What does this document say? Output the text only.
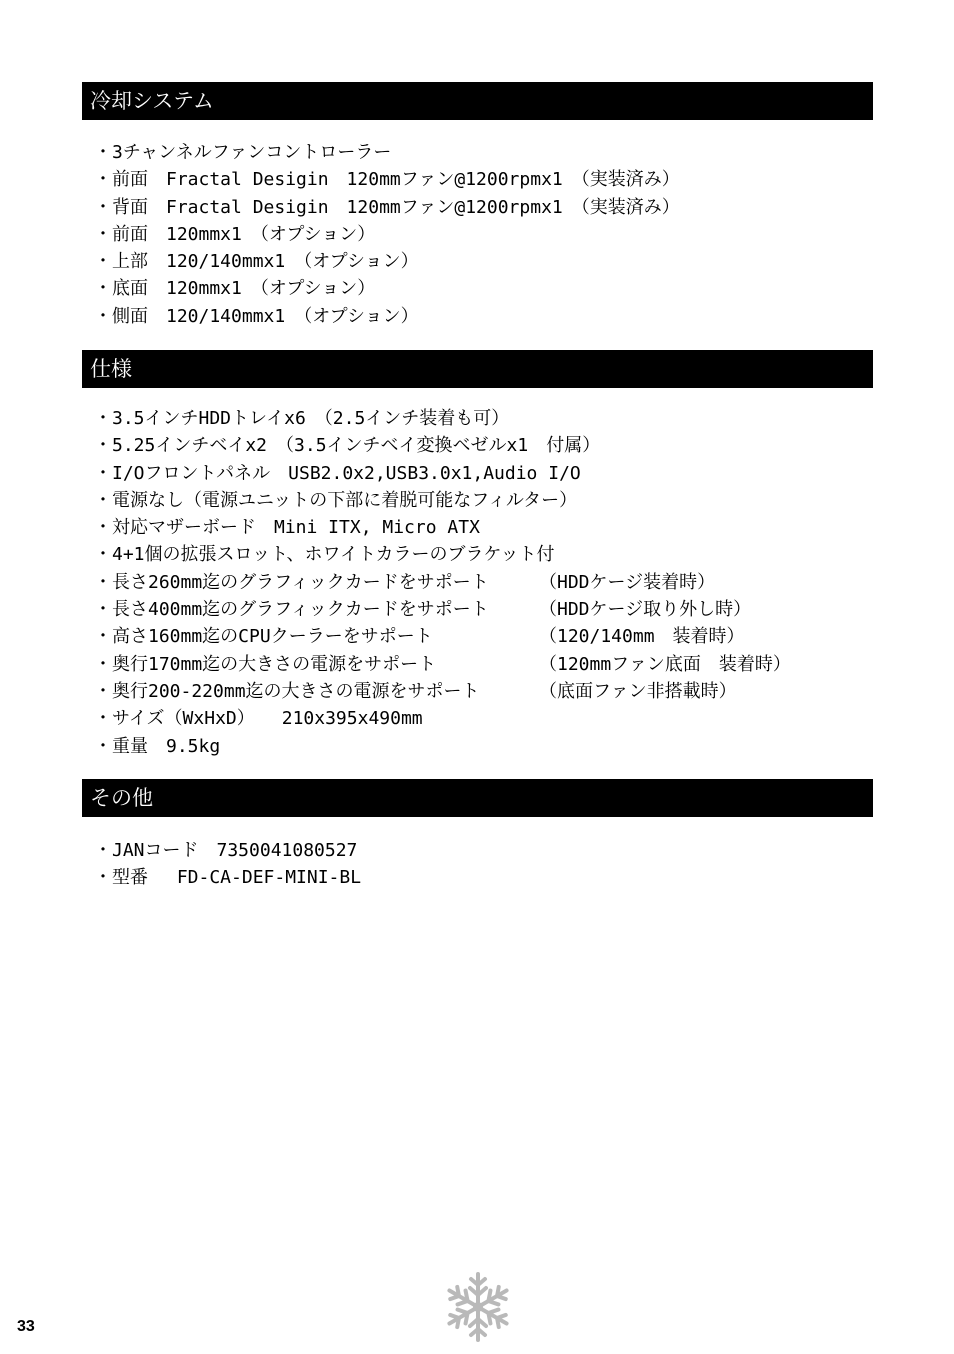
冷却システム
・3チャンネルファンコントローラー
・前面　Fractal Desigin　120mmファン@1200rpmx1　（実装済み）
・背面　Fractal Desigin　120mmファン@1200rpmx1　（実装済み）
・前面　120mmx1　（オプション）
・上部　120/140mmx1　（オプション）
・底面　120mmx1　（オプション）
・側面　120/140mmx1　（オプション）
仕様
・3.5インチHDDトレイx6　（2.5インチ装着も可）
・5.25インチベイx2　（3.5インチベイ変換ベゼルx1　付属）
・I/Oフロントパネル　USB2.0x2,USB3.0x1,Audio I/O
・電源なし（電源ユニットの下部に着脱可能なフィルター）
・対応マザーボード　Mini ITX, Micro ATX
・4+1個の拡張スロット、ホワイトカラーのブラケット付
・長さ260mm迄のグラフィックカードをサポート	（HDDケージ装着時）
・長さ400mm迄のグラフィックカードをサポート	（HDDケージ取り外し時）
・高さ160mm迄のCPUクーラーをサポート	（120/140mm　装着時）
・奥行170mm迄の大きさの電源をサポート	（120mmファン底面　装着時）
・奥行200-220mm迄の大きさの電源をサポート	（底面ファン非搭載時）
・サイズ（WxHxD）　　210x395x490mm
・重量　9.5kg
その他
・JANコード　7350041080527
・型番　 FD-CA-DEF-MINI-BL
33
